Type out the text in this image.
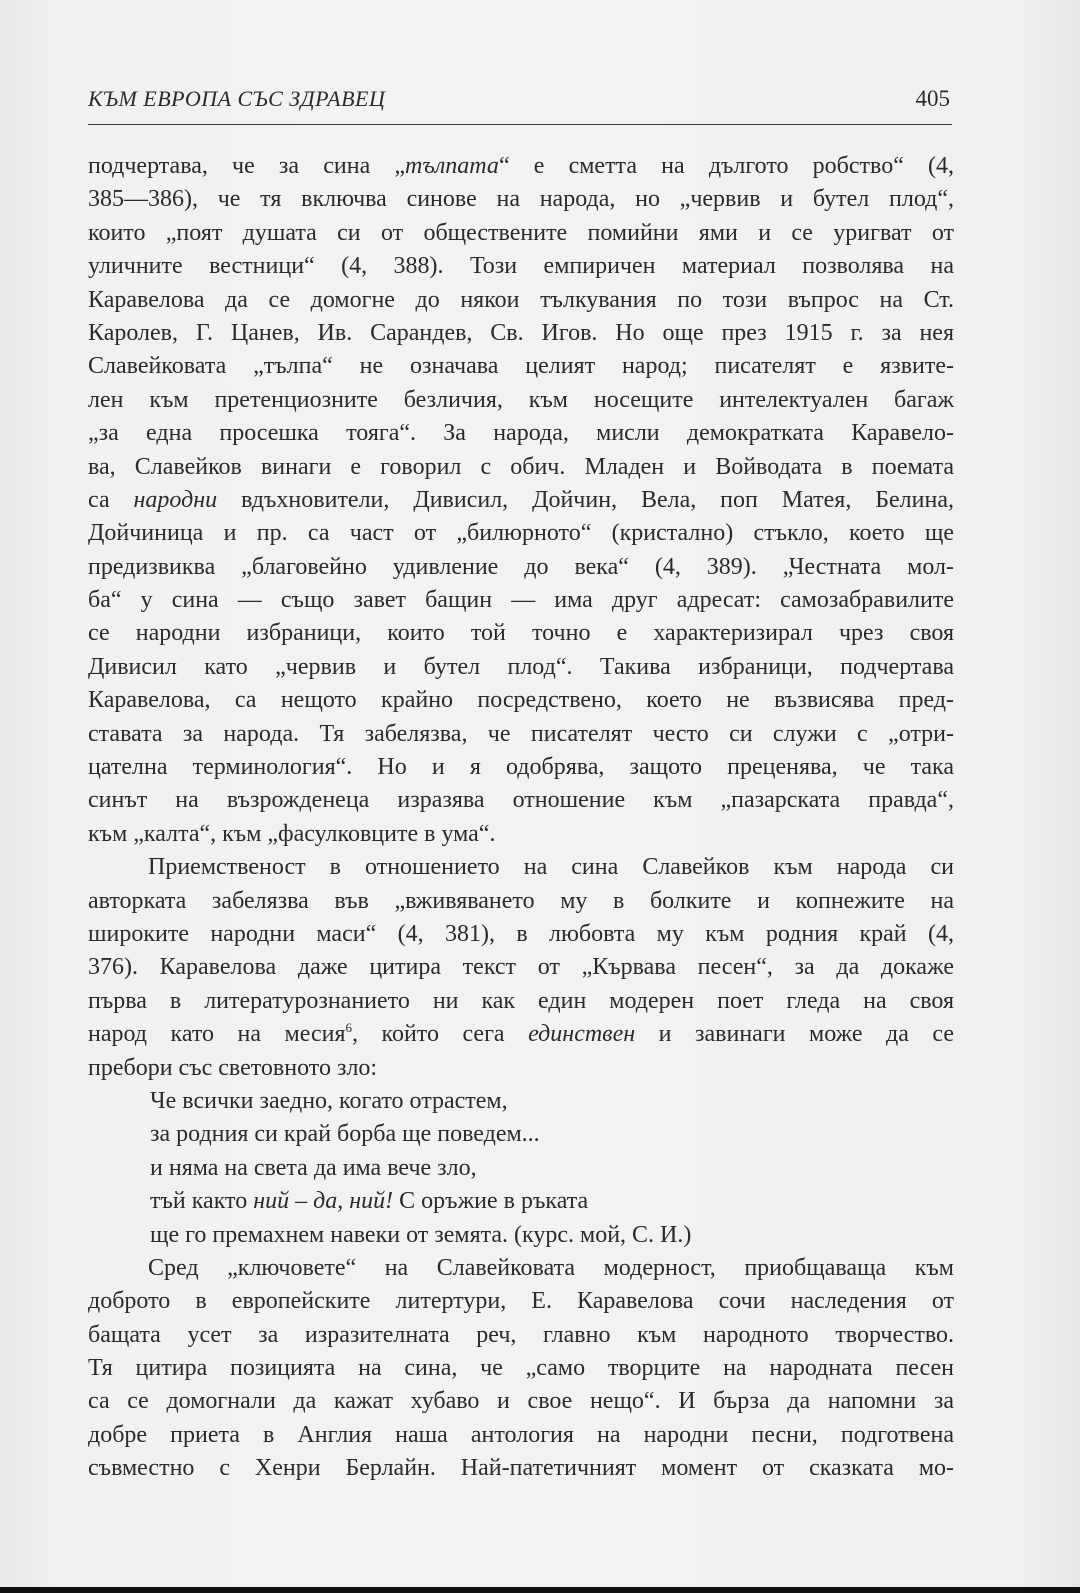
КЪМ ЕВРОПА СЪС ЗДРАВЕЦ	405
подчертава, че за сина „тълпата“ е сметта на дългото робство“ (4,
385—386), че тя включва синове на народа, но „червив и бутел плод“,
които „поят душата си от обществените помийни ями и се уригват от
уличните вестници“ (4, 388). Този емпиричен материал позволява на
Каравелова да се домогне до някои тълкувания по този въпрос на Ст.
Каролев, Г. Цанев, Ив. Сарандев, Св. Игов. Но още през 1915 г. за нея
Славейковата „тълпа“ не означава целият народ; писателят е язвите-
лен към претенциозните безличия, към носещите интелектуален багаж
„за една просешка тояга“. За народа, мисли демократката Каравело-
ва, Славейков винаги е говорил с обич. Младен и Войводата в поемата
са народни вдъхновители, Дивисил, Дойчин, Вела, поп Матея, Белина,
Дойчиница и пр. са част от „билюрното“ (кристално) стъкло, което ще
предизвиква „благовейно удивление до века“ (4, 389). „Честната мол-
ба“ у сина — също завет бащин — има друг адресат: самозабравилите
се народни избраници, които той точно е характеризирал чрез своя
Дивисил като „червив и бутел плод“. Такива избраници, подчертава
Каравелова, са нещото крайно посредствено, което не възвисява пред-
ставата за народа. Тя забелязва, че писателят често си служи с „отри-
цателна терминология“. Но и я одобрява, защото преценява, че така
синът на възрожденеца изразява отношение към „пазарската правда“,
към „калта“, към „фасулковците в ума“.
Приемственост в отношението на сина Славейков към народа си
авторката забелязва във „вживяването му в болките и копнежите на
широките народни маси“ (4, 381), в любовта му към родния край (4,
376). Каравелова даже цитира текст от „Кървава песен“, за да докаже
първа в литературознанието ни как един модерен поет гледа на своя
народ като на месия$^6$, който сега единствен и завинаги може да се
пребори със световното зло:
Че всички заедно, когато отрастем,
за родния си край борба ще поведем...
и няма на света да има вече зло,
тъй както ний – да, ний! С оръжие в ръката
ще го премахнем навеки от земята. (курс. мой, С. И.)
Сред „ключовете“ на Славейковата модерност, приобщаваща към
доброто в европейските литертури, Е. Каравелова сочи наследения от
бащата усет за изразителната реч, главно към народното творчество.
Тя цитира позицията на сина, че „само творците на народната песен
са се домогнали да кажат хубаво и свое нещо“. И бърза да напомни за
добре приета в Англия наша антология на народни песни, подготвена
съвместно с Хенри Берлайн. Най-патетичният момент от сказката мо-
